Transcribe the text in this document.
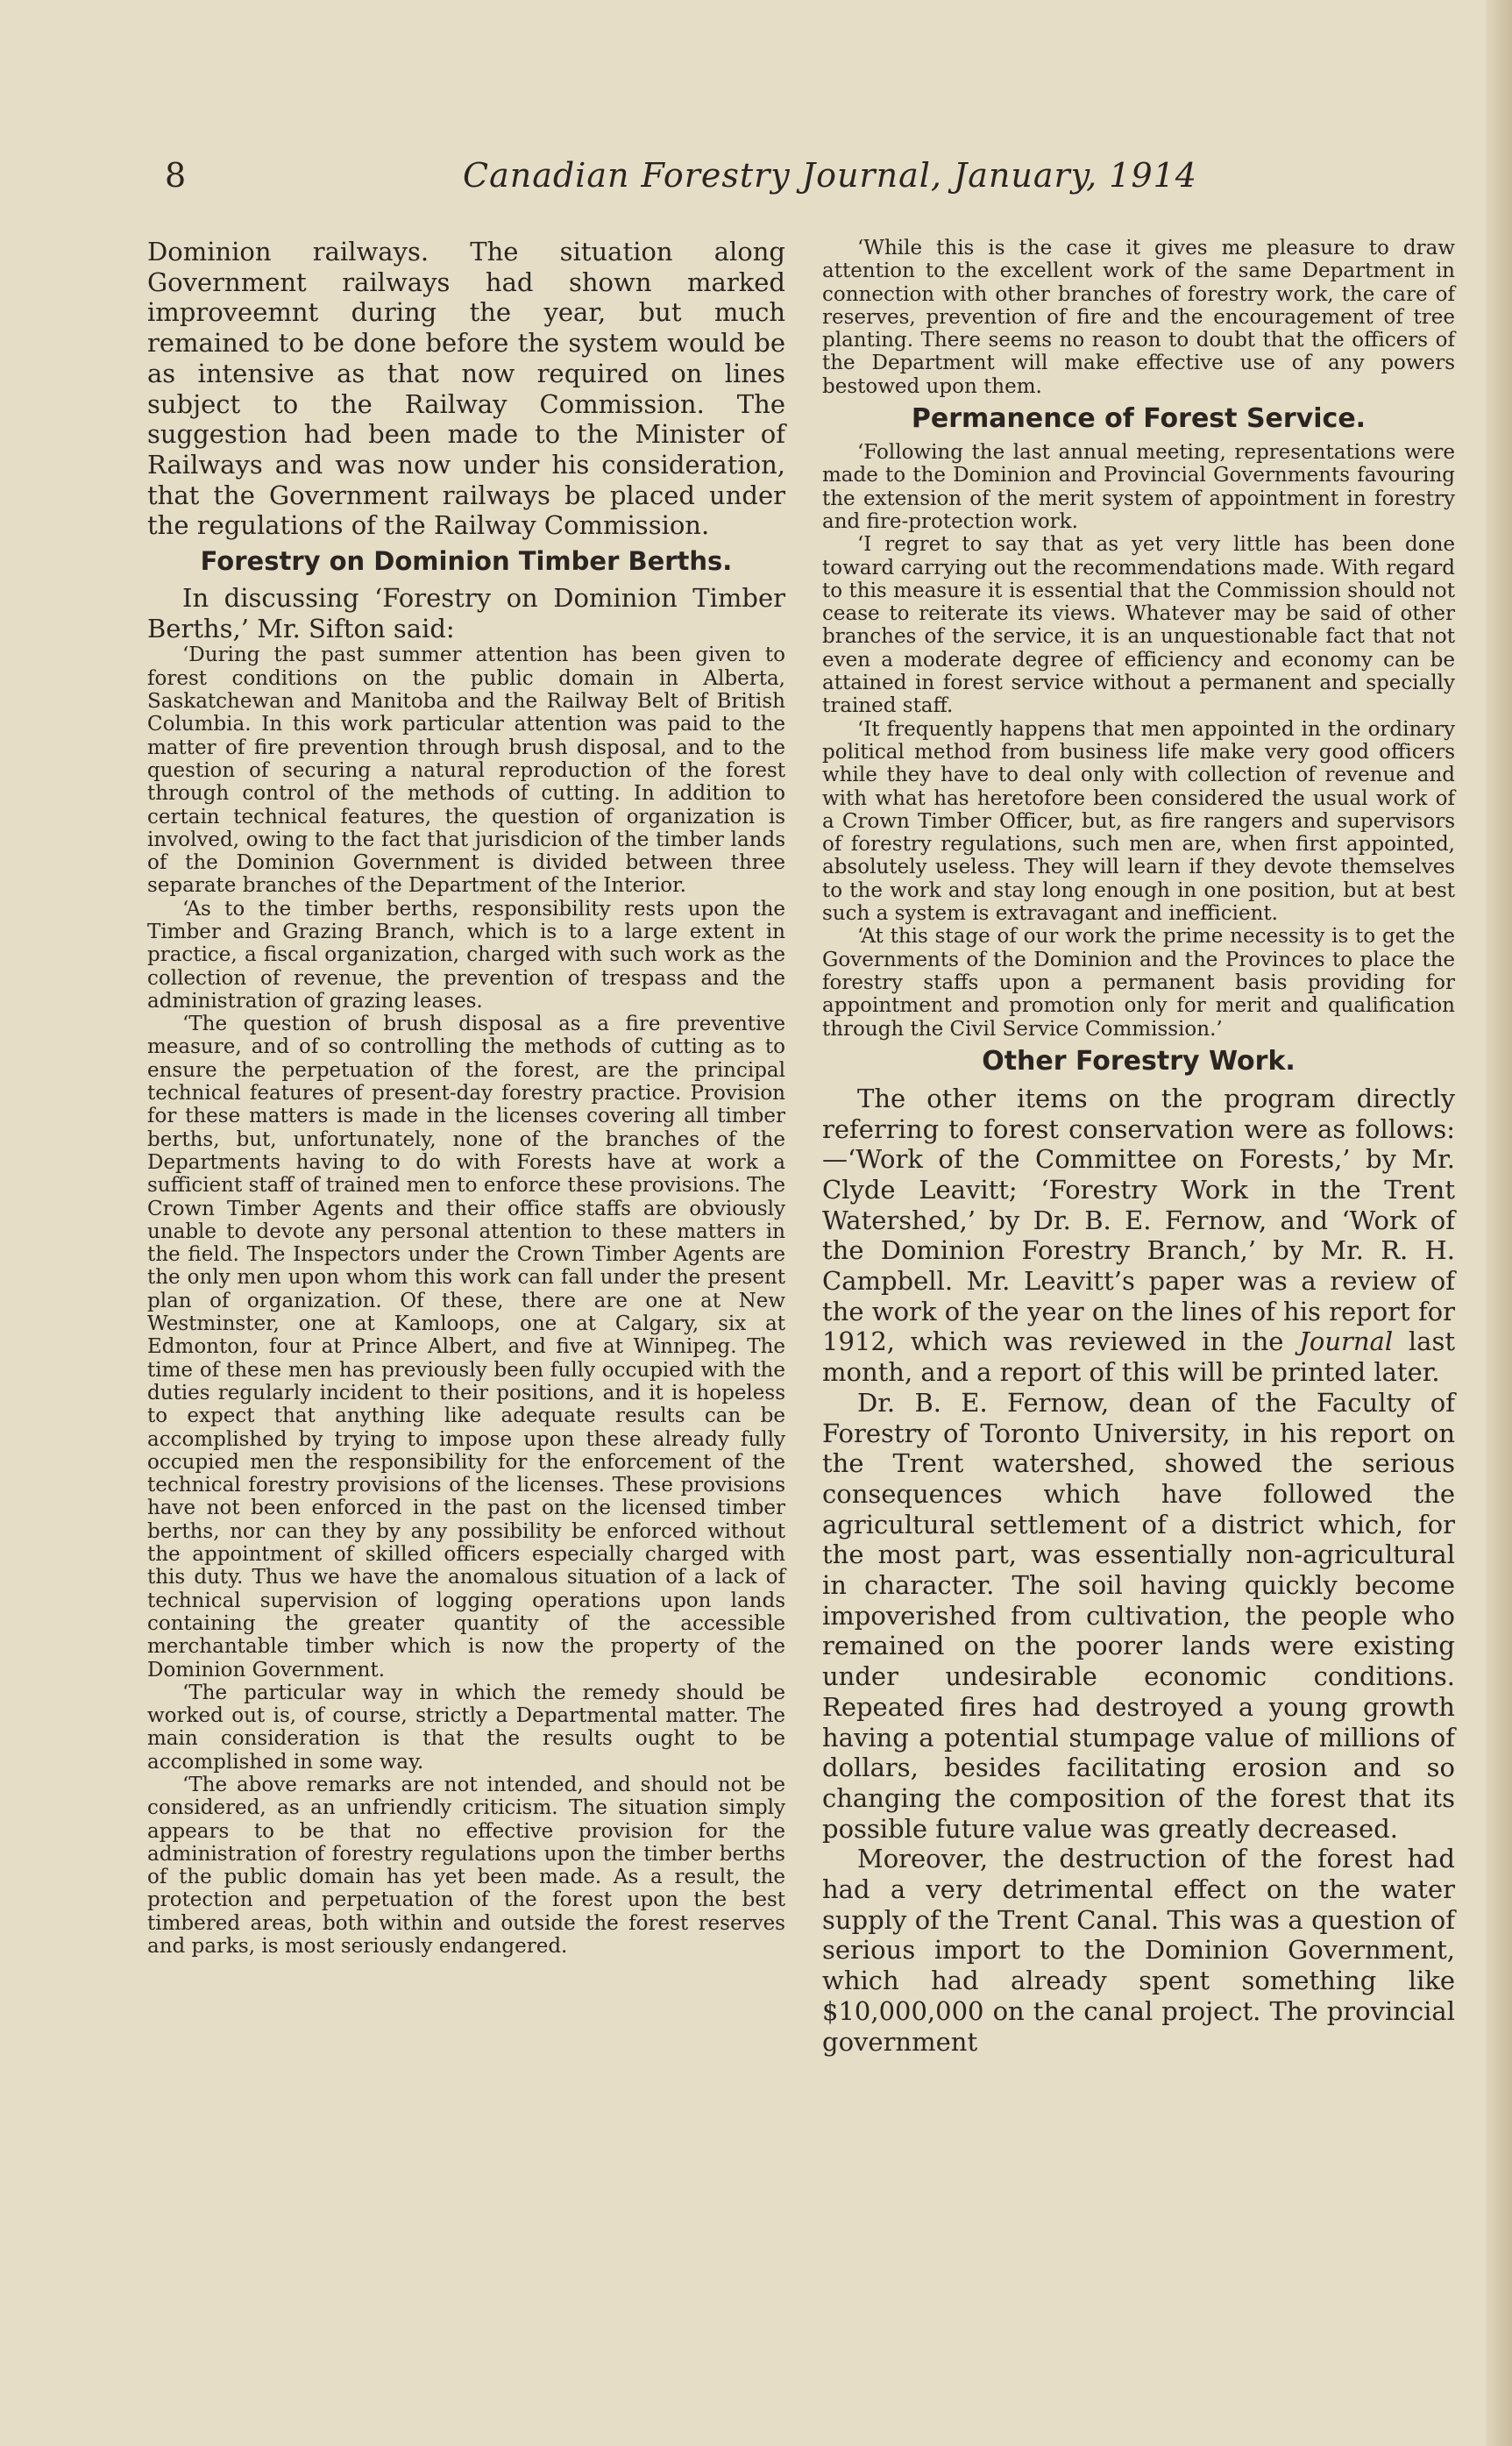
8	Canadian Forestry Journal, January, 1914

Dominion railways. The situation along Government railways had shown marked improveemnt during the year, but much remained to be done before the system would be as intensive as that now required on lines subject to the Railway Commission. The suggestion had been made to the Minister of Railways and was now under his consideration, that the Government railways be placed under the regulations of the Railway Commission.

Forestry on Dominion Timber Berths.

In discussing ‘Forestry on Dominion Timber Berths,’ Mr. Sifton said:

‘During the past summer attention has been given to forest conditions on the public domain in Alberta, Saskatchewan and Manitoba and the Railway Belt of British Columbia. In this work particular attention was paid to the matter of fire prevention through brush disposal, and to the question of securing a natural reproduction of the forest through control of the methods of cutting. In addition to certain technical features, the question of organization is involved, owing to the fact that jurisdicion of the timber lands of the Dominion Government is divided between three separate branches of the Department of the Interior.

‘As to the timber berths, responsibility rests upon the Timber and Grazing Branch, which is to a large extent in practice, a fiscal organization, charged with such work as the collection of revenue, the prevention of trespass and the administration of grazing leases.

‘The question of brush disposal as a fire preventive measure, and of so controlling the methods of cutting as to ensure the perpetuation of the forest, are the principal technical features of present-day forestry practice. Provision for these matters is made in the licenses covering all timber berths, but, unfortunately, none of the branches of the Departments having to do with Forests have at work a sufficient staff of trained men to enforce these provisions. The Crown Timber Agents and their office staffs are obviously unable to devote any personal attention to these matters in the field. The Inspectors under the Crown Timber Agents are the only men upon whom this work can fall under the present plan of organization. Of these, there are one at New Westminster, one at Kamloops, one at Calgary, six at Edmonton, four at Prince Albert, and five at Winnipeg. The time of these men has previously been fully occupied with the duties regularly incident to their positions, and it is hopeless to expect that anything like adequate results can be accomplished by trying to impose upon these already fully occupied men the responsibility for the enforcement of the technical forestry provisions of the licenses. These provisions have not been enforced in the past on the licensed timber berths, nor can they by any possibility be enforced without the appointment of skilled officers especially charged with this duty. Thus we have the anomalous situation of a lack of technical supervision of logging operations upon lands containing the greater quantity of the accessible merchantable timber which is now the property of the Dominion Government.

‘The particular way in which the remedy should be worked out is, of course, strictly a Departmental matter. The main consideration is that the results ought to be accomplished in some way.

‘The above remarks are not intended, and should not be considered, as an unfriendly criticism. The situation simply appears to be that no effective provision for the administration of forestry regulations upon the timber berths of the public domain has yet been made. As a result, the protection and perpetuation of the forest upon the best timbered areas, both within and outside the forest reserves and parks, is most seriously endangered.

‘While this is the case it gives me pleasure to draw attention to the excellent work of the same Department in connection with other branches of forestry work, the care of reserves, prevention of fire and the encouragement of tree planting. There seems no reason to doubt that the officers of the Department will make effective use of any powers bestowed upon them.

Permanence of Forest Service.

‘Following the last annual meeting, representations were made to the Dominion and Provincial Governments favouring the extension of the merit system of appointment in forestry and fire-protection work.

‘I regret to say that as yet very little has been done toward carrying out the recommendations made. With regard to this measure it is essential that the Commission should not cease to reiterate its views. Whatever may be said of other branches of the service, it is an unquestionable fact that not even a moderate degree of efficiency and economy can be attained in forest service without a permanent and specially trained staff.

‘It frequently happens that men appointed in the ordinary political method from business life make very good officers while they have to deal only with collection of revenue and with what has heretofore been considered the usual work of a Crown Timber Officer, but, as fire rangers and supervisors of forestry regulations, such men are, when first appointed, absolutely useless. They will learn if they devote themselves to the work and stay long enough in one position, but at best such a system is extravagant and inefficient.

‘At this stage of our work the prime necessity is to get the Governments of the Dominion and the Provinces to place the forestry staffs upon a permanent basis providing for appointment and promotion only for merit and qualification through the Civil Service Commission.’

Other Forestry Work.

The other items on the program directly referring to forest conservation were as follows:—‘Work of the Committee on Forests,’ by Mr. Clyde Leavitt; ‘Forestry Work in the Trent Watershed,’ by Dr. B. E. Fernow, and ‘Work of the Dominion Forestry Branch,’ by Mr. R. H. Campbell. Mr. Leavitt’s paper was a review of the work of the year on the lines of his report for 1912, which was reviewed in the Journal last month, and a report of this will be printed later.

Dr. B. E. Fernow, dean of the Faculty of Forestry of Toronto University, in his report on the Trent watershed, showed the serious consequences which have followed the agricultural settlement of a district which, for the most part, was essentially non-agricultural in character. The soil having quickly become impoverished from cultivation, the people who remained on the poorer lands were existing under undesirable economic conditions. Repeated fires had destroyed a young growth having a potential stumpage value of millions of dollars, besides facilitating erosion and so changing the composition of the forest that its possible future value was greatly decreased.

Moreover, the destruction of the forest had had a very detrimental effect on the water supply of the Trent Canal. This was a question of serious import to the Dominion Government, which had already spent something like $10,000,000 on the canal project. The provincial government
